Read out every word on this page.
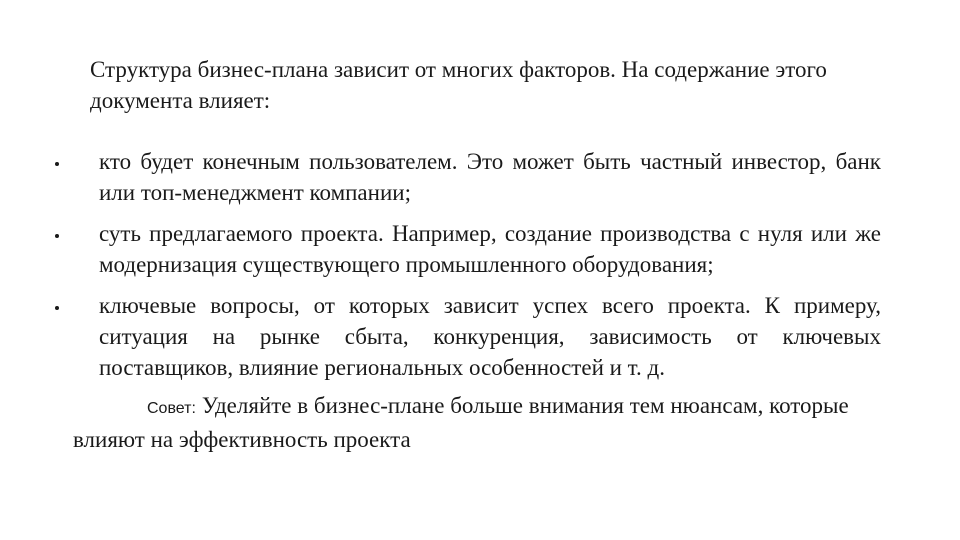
Структура бизнес-плана зависит от многих факторов. На содержание этого документа влияет:

кто будет конечным пользователем. Это может быть частный инвестор, банк или топ-менеджмент компании;
суть предлагаемого проекта. Например, создание производства с нуля или же модернизация существующего промышленного оборудования;
ключевые вопросы, от которых зависит успех всего проекта. К примеру, ситуация на рынке сбыта, конкуренция, зависимость от ключевых поставщиков, влияние региональных особенностей и т. д.

Совет: Уделяйте в бизнес-плане больше внимания тем нюансам, которые влияют на эффективность проекта
